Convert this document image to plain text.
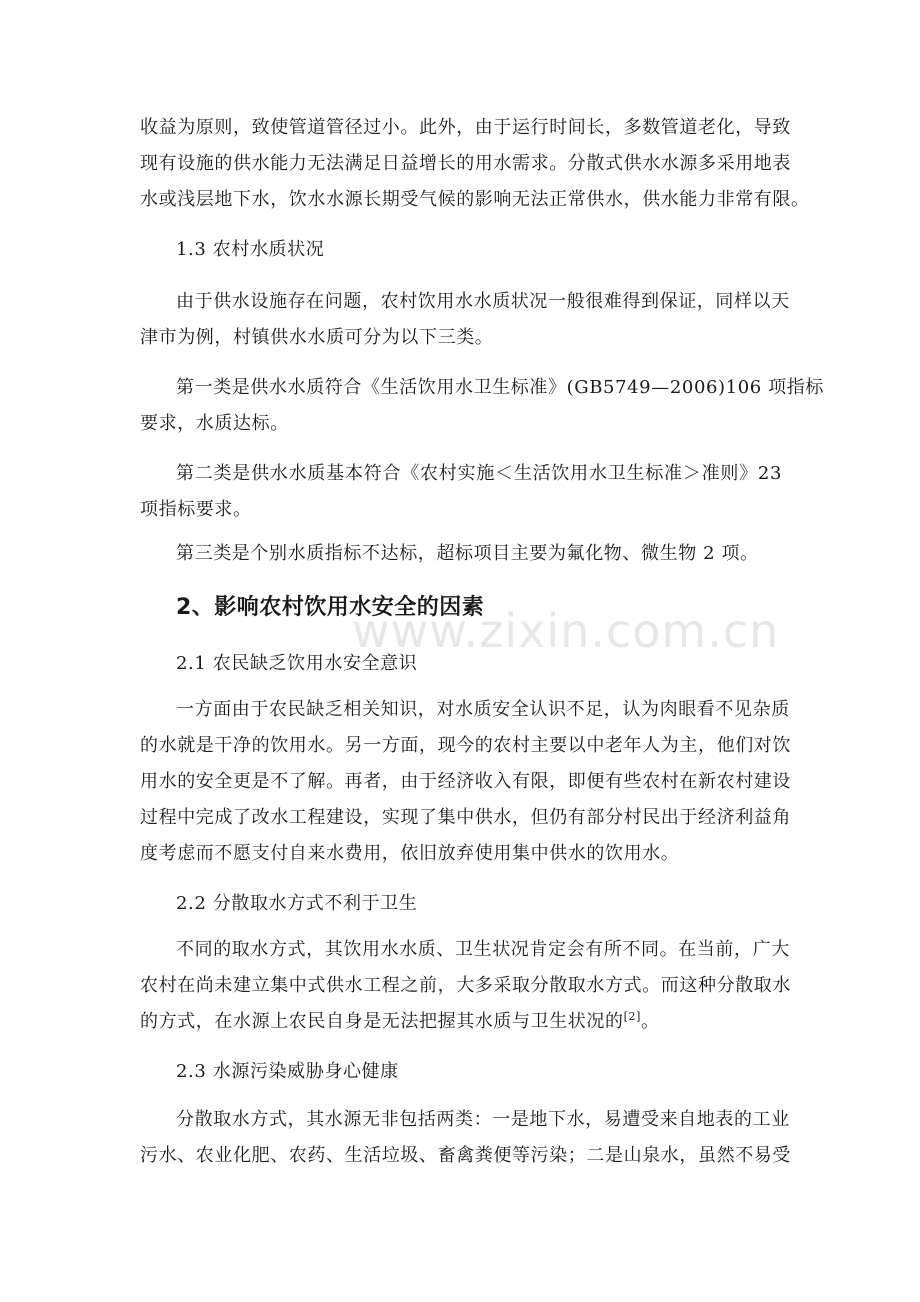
收益为原则，致使管道管径过小。此外，由于运行时间长，多数管道老化，导致
现有设施的供水能力无法满足日益增长的用水需求。分散式供水水源多采用地表
水或浅层地下水，饮水水源长期受气候的影响无法正常供水，供水能力非常有限。
1.3 农村水质状况
由于供水设施存在问题，农村饮用水水质状况一般很难得到保证，同样以天
津市为例，村镇供水水质可分为以下三类。
第一类是供水水质符合《生活饮用水卫生标准》(GB5749—2006)106 项指标
要求，水质达标。
第二类是供水水质基本符合《农村实施＜生活饮用水卫生标准＞准则》23
项指标要求。
第三类是个别水质指标不达标，超标项目主要为氟化物、微生物 2 项。
2、影响农村饮用水安全的因素
2.1 农民缺乏饮用水安全意识
一方面由于农民缺乏相关知识，对水质安全认识不足，认为肉眼看不见杂质
的水就是干净的饮用水。另一方面，现今的农村主要以中老年人为主，他们对饮
用水的安全更是不了解。再者，由于经济收入有限，即便有些农村在新农村建设
过程中完成了改水工程建设，实现了集中供水，但仍有部分村民出于经济利益角
度考虑而不愿支付自来水费用，依旧放弃使用集中供水的饮用水。
2.2 分散取水方式不利于卫生
不同的取水方式，其饮用水水质、卫生状况肯定会有所不同。在当前，广大
农村在尚未建立集中式供水工程之前，大多采取分散取水方式。而这种分散取水
的方式，在水源上农民自身是无法把握其水质与卫生状况的[2]。
2.3 水源污染威胁身心健康
分散取水方式，其水源无非包括两类：一是地下水，易遭受来自地表的工业
污水、农业化肥、农药、生活垃圾、畜禽粪便等污染；二是山泉水，虽然不易受
www.zixin.com.cn
